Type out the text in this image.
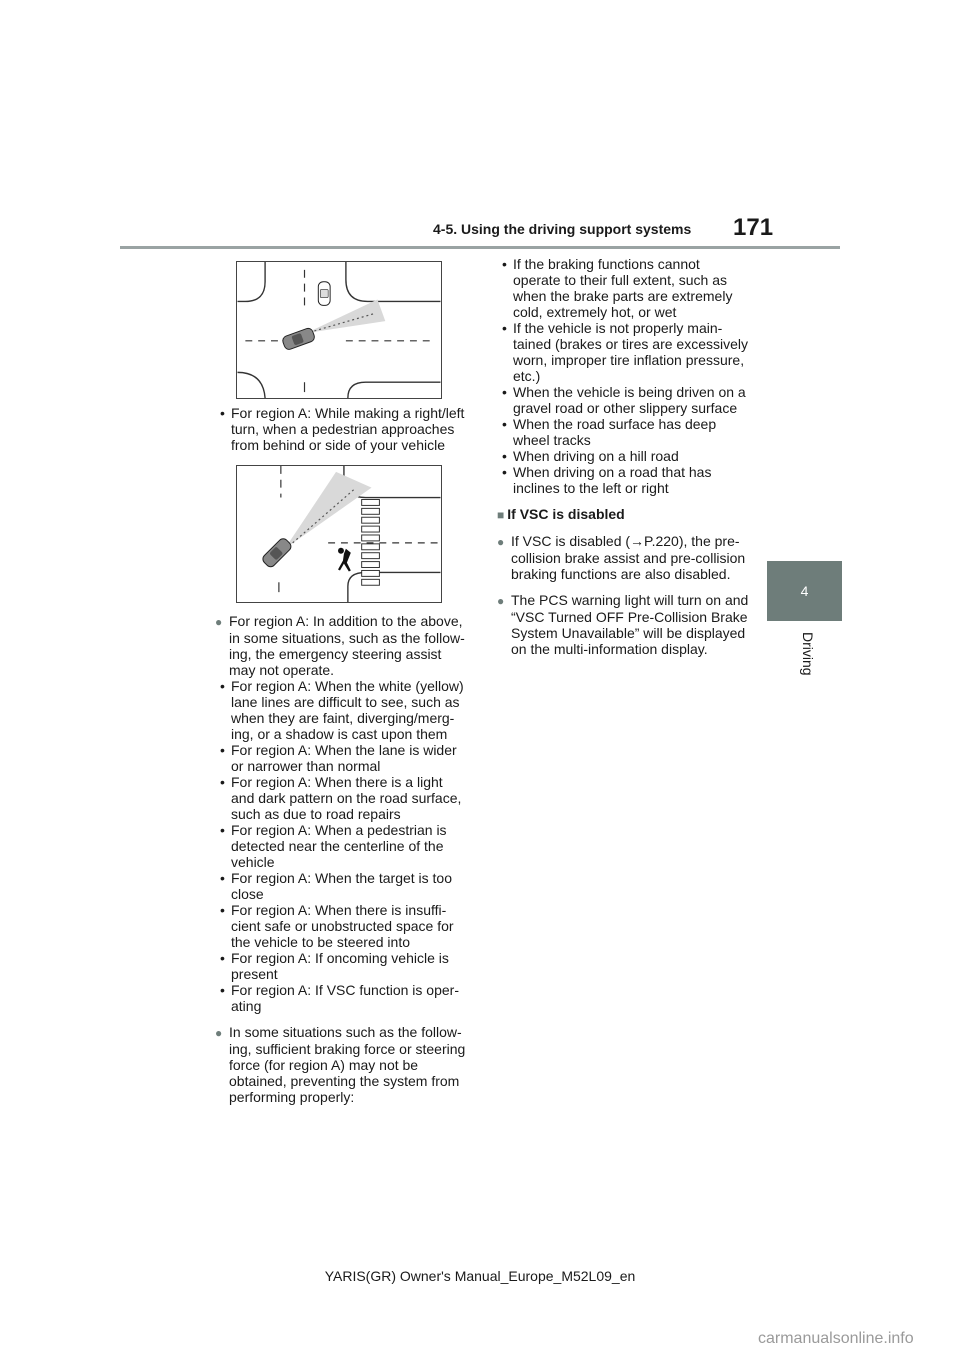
4-5. Using the driving support systems 171
4
Driving

• For region A: While making a right/left turn, when a pedestrian approaches from behind or side of your vehicle

● For region A: In addition to the above, in some situations, such as the follow-ing, the emergency steering assist may not operate.

• For region A: When the white (yellow) lane lines are difficult to see, such as when they are faint, diverging/merg-ing, or a shadow is cast upon them

• For region A: When the lane is wider or narrower than normal

• For region A: When there is a light and dark pattern on the road surface, such as due to road repairs

• For region A: When a pedestrian is detected near the centerline of the vehicle

• For region A: When the target is too close

• For region A: When there is insuffi-cient safe or unobstructed space for the vehicle to be steered into

• For region A: If oncoming vehicle is present

• For region A: If VSC function is oper-ating

● In some situations such as the follow-ing, sufficient braking force or steering force (for region A) may not be obtained, preventing the system from performing properly:

• If the braking functions cannot operate to their full extent, such as when the brake parts are extremely cold, extremely hot, or wet

• If the vehicle is not properly main-tained (brakes or tires are excessively worn, improper tire inflation pressure, etc.)

• When the vehicle is being driven on a gravel road or other slippery surface

• When the road surface has deep wheel tracks

• When driving on a hill road

• When driving on a road that has inclines to the left or right

■ If VSC is disabled

● If VSC is disabled (→P.220), the pre-collision brake assist and pre-collision braking functions are also disabled.

● The PCS warning light will turn on and “VSC Turned OFF Pre-Collision Brake System Unavailable” will be displayed on the multi-information display.

YARIS(GR) Owner's Manual_Europe_M52L09_en
carmanualsonline.info
